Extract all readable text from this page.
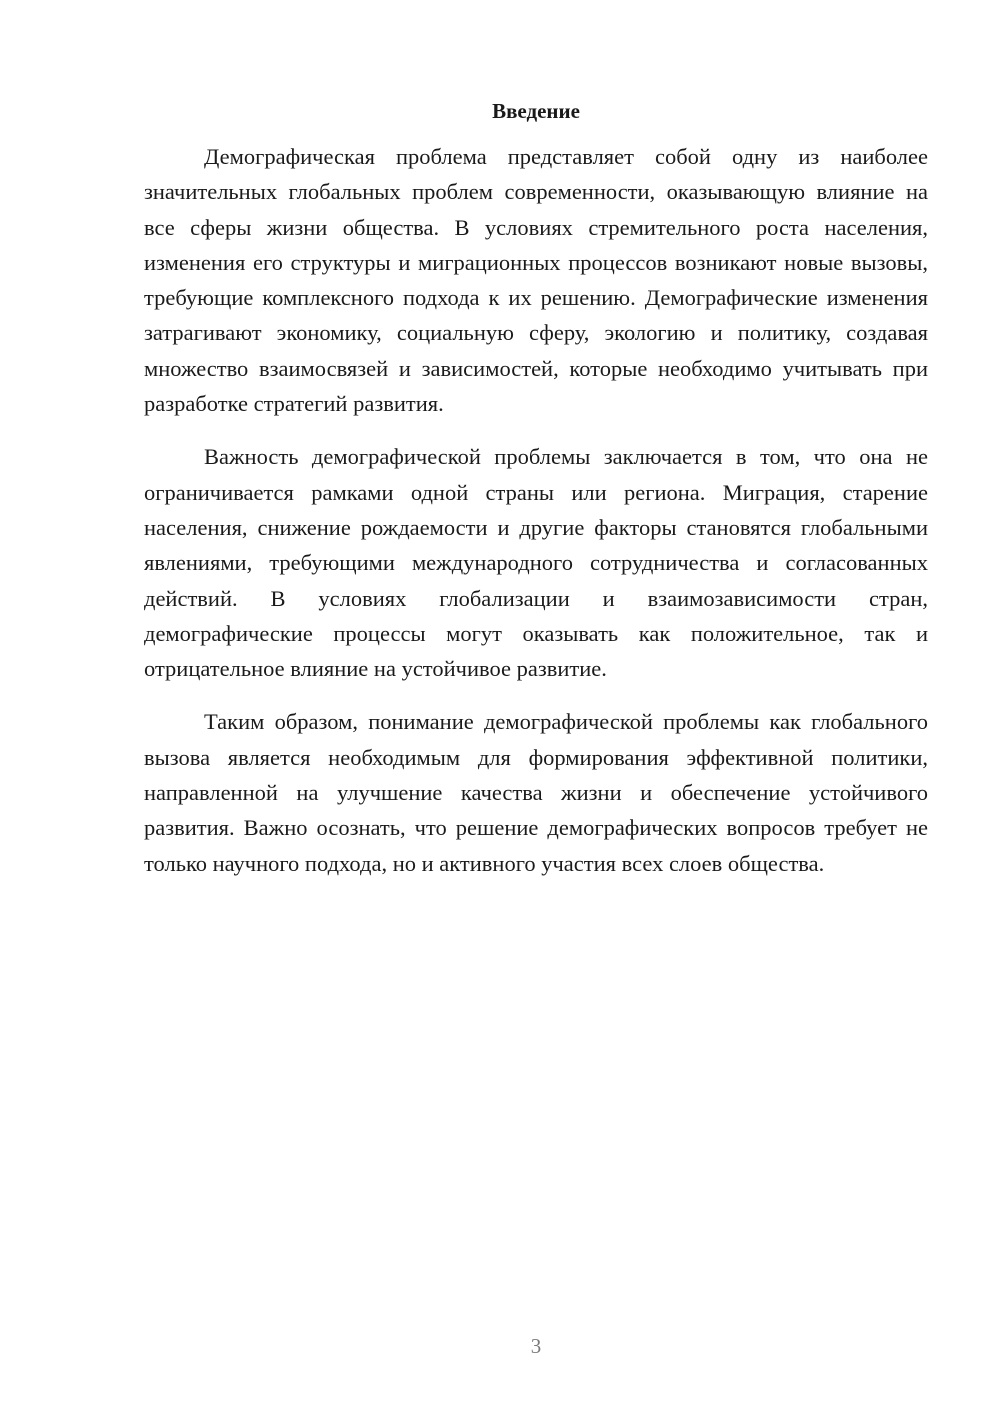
Введение

Демографическая проблема представляет собой одну из наиболее значительных глобальных проблем современности, оказывающую влияние на все сферы жизни общества. В условиях стремительного роста населения, изменения его структуры и миграционных процессов возникают новые вызовы, требующие комплексного подхода к их решению. Демографические изменения затрагивают экономику, социальную сферу, экологию и политику, создавая множество взаимосвязей и зависимостей, которые необходимо учитывать при разработке стратегий развития.

Важность демографической проблемы заключается в том, что она не ограничивается рамками одной страны или региона. Миграция, старение населения, снижение рождаемости и другие факторы становятся глобальными явлениями, требующими международного сотрудничества и согласованных действий. В условиях глобализации и взаимозависимости стран, демографические процессы могут оказывать как положительное, так и отрицательное влияние на устойчивое развитие.

Таким образом, понимание демографической проблемы как глобального вызова является необходимым для формирования эффективной политики, направленной на улучшение качества жизни и обеспечение устойчивого развития. Важно осознать, что решение демографических вопросов требует не только научного подхода, но и активного участия всех слоев общества.

3
